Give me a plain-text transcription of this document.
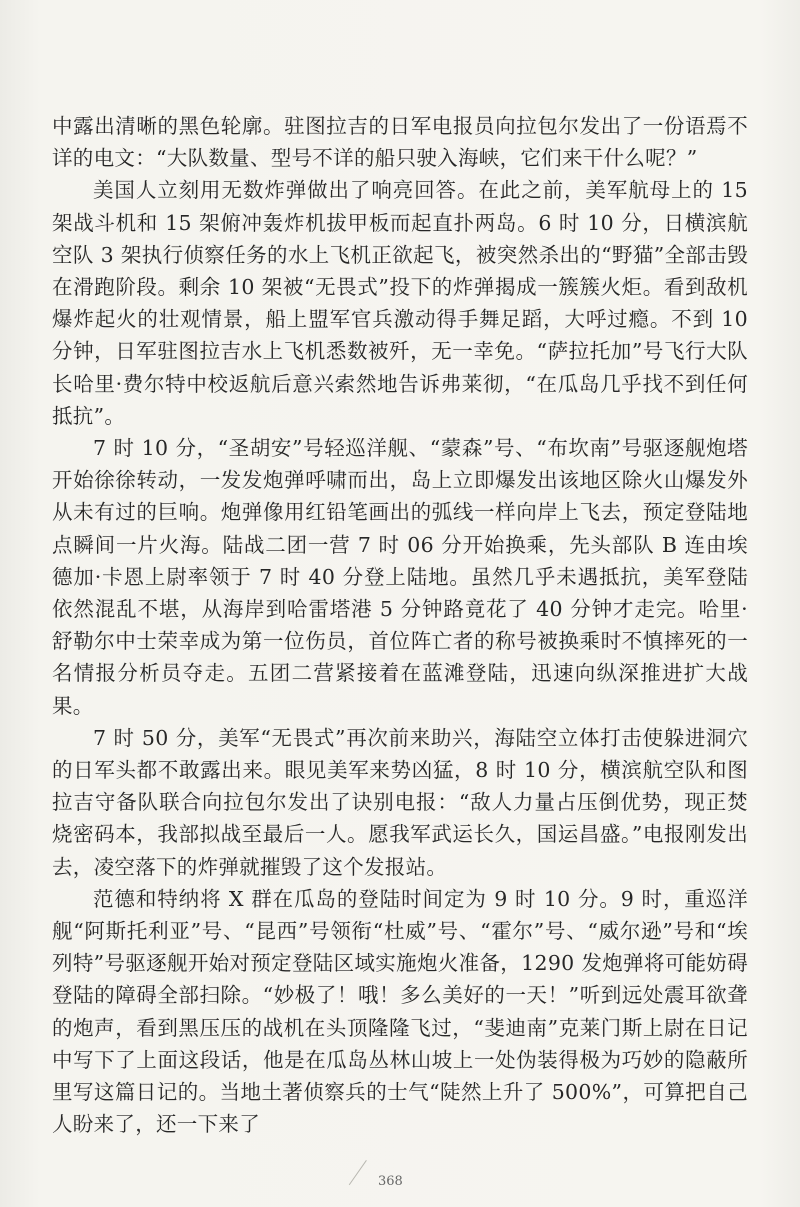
中露出清晰的黑色轮廓。驻图拉吉的日军电报员向拉包尔发出了一份语焉不详的电文：“大队数量、型号不详的船只驶入海峡，它们来干什么呢？”

美国人立刻用无数炸弹做出了响亮回答。在此之前，美军航母上的 15 架战斗机和 15 架俯冲轰炸机拔甲板而起直扑两岛。6 时 10 分，日横滨航空队 3 架执行侦察任务的水上飞机正欲起飞，被突然杀出的“野猫”全部击毁在滑跑阶段。剩余 10 架被“无畏式”投下的炸弹揭成一簇簇火炬。看到敌机爆炸起火的壮观情景，船上盟军官兵激动得手舞足蹈，大呼过瘾。不到 10 分钟，日军驻图拉吉水上飞机悉数被歼，无一幸免。“萨拉托加”号飞行大队长哈里·费尔特中校返航后意兴索然地告诉弗莱彻，“在瓜岛几乎找不到任何抵抗”。

7 时 10 分，“圣胡安”号轻巡洋舰、“蒙森”号、“布坎南”号驱逐舰炮塔开始徐徐转动，一发发炮弹呼啸而出，岛上立即爆发出该地区除火山爆发外从未有过的巨响。炮弹像用红铅笔画出的弧线一样向岸上飞去，预定登陆地点瞬间一片火海。陆战二团一营 7 时 06 分开始换乘，先头部队 B 连由埃德加·卡恩上尉率领于 7 时 40 分登上陆地。虽然几乎未遇抵抗，美军登陆依然混乱不堪，从海岸到哈雷塔港 5 分钟路竟花了 40 分钟才走完。哈里·舒勒尔中士荣幸成为第一位伤员，首位阵亡者的称号被换乘时不慎摔死的一名情报分析员夺走。五团二营紧接着在蓝滩登陆，迅速向纵深推进扩大战果。

7 时 50 分，美军“无畏式”再次前来助兴，海陆空立体打击使躲进洞穴的日军头都不敢露出来。眼见美军来势凶猛，8 时 10 分，横滨航空队和图拉吉守备队联合向拉包尔发出了诀别电报：“敌人力量占压倒优势，现正焚烧密码本，我部拟战至最后一人。愿我军武运长久，国运昌盛。”电报刚发出去，凌空落下的炸弹就摧毁了这个发报站。

范德和特纳将 X 群在瓜岛的登陆时间定为 9 时 10 分。9 时，重巡洋舰“阿斯托利亚”号、“昆西”号领衔“杜威”号、“霍尔”号、“威尔逊”号和“埃列特”号驱逐舰开始对预定登陆区域实施炮火准备，1290 发炮弹将可能妨碍登陆的障碍全部扫除。“妙极了！哦！多么美好的一天！”听到远处震耳欲聋的炮声，看到黑压压的战机在头顶隆隆飞过，“斐迪南”克莱门斯上尉在日记中写下了上面这段话，他是在瓜岛丛林山坡上一处伪装得极为巧妙的隐蔽所里写这篇日记的。当地土著侦察兵的士气“陡然上升了 500%”，可算把自己人盼来了，还一下来了

368
